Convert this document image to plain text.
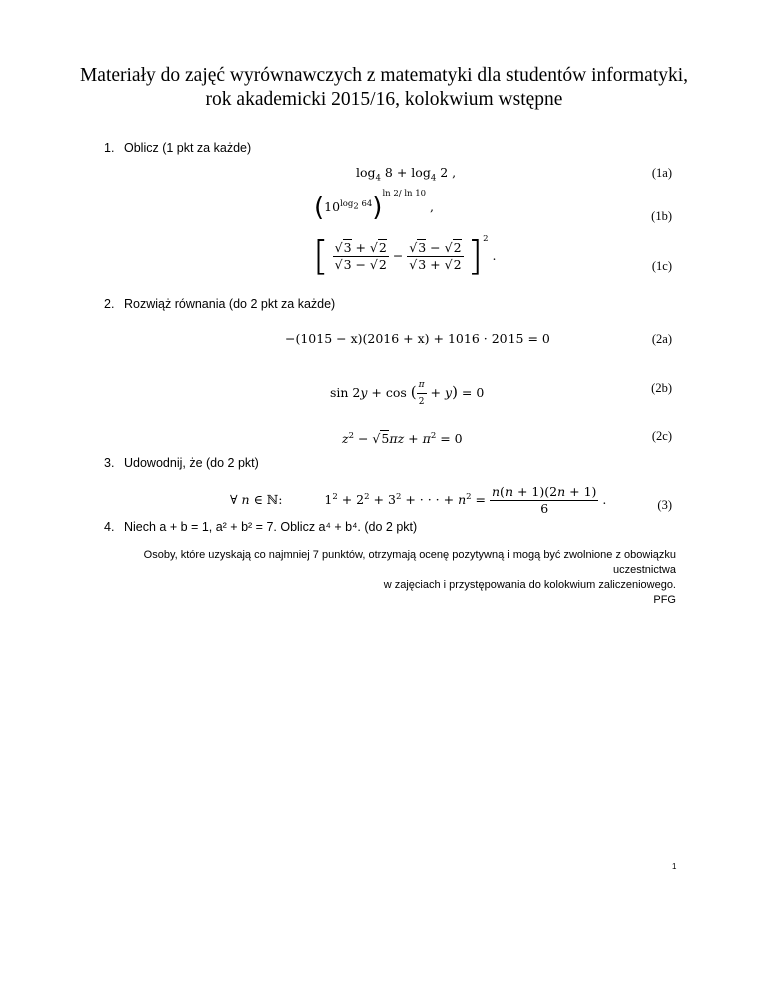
Materiały do zajęć wyrównawczych z matematyki dla studentów informatyki,
rok akademicki 2015/16, kolokwium wstępne
1. Oblicz (1 pkt za każde)
$\log_4 8 + \log_4 2$ ,	(1a)
$(10^{log_2 64})^{ln 2/ ln 10}$ ,
(1b)
[ $\frac{√3 + √2}{√3 - √2} - \frac{√3 - √2}{√3 + √2} ]^2$ .
(1c)
2. Rozwiąż równania (do 2 pkt za każde)
−(1015 − x)(2016 + x) + 1016 · 2015 = 0	(2a)
sin 2y + cos ( $\frac{\pi}{2} + y) = 0$	(2b)
$z^2 - √5\pi z + \pi^2 = 0$	(2c)
3. Udowodnij, że (do 2 pkt)
∀ n ∈ ℕ:	$1^2 + 2^2 + 3^2$ + · · · + $n^2 = \frac{n(n + 1)(2n + 1)}{6}$ .	(3)
4. Niech a + b = 1, a² + b² = 7. Oblicz a⁴ + b⁴. (do 2 pkt)
Osoby, które uzyskają co najmniej 7 punktów, otrzymają ocenę pozytywną i mogą być zwolnione z obowiązku uczestnictwa
w zajęciach i przystępowania do kolokwium zaliczeniowego.
PFG
1
